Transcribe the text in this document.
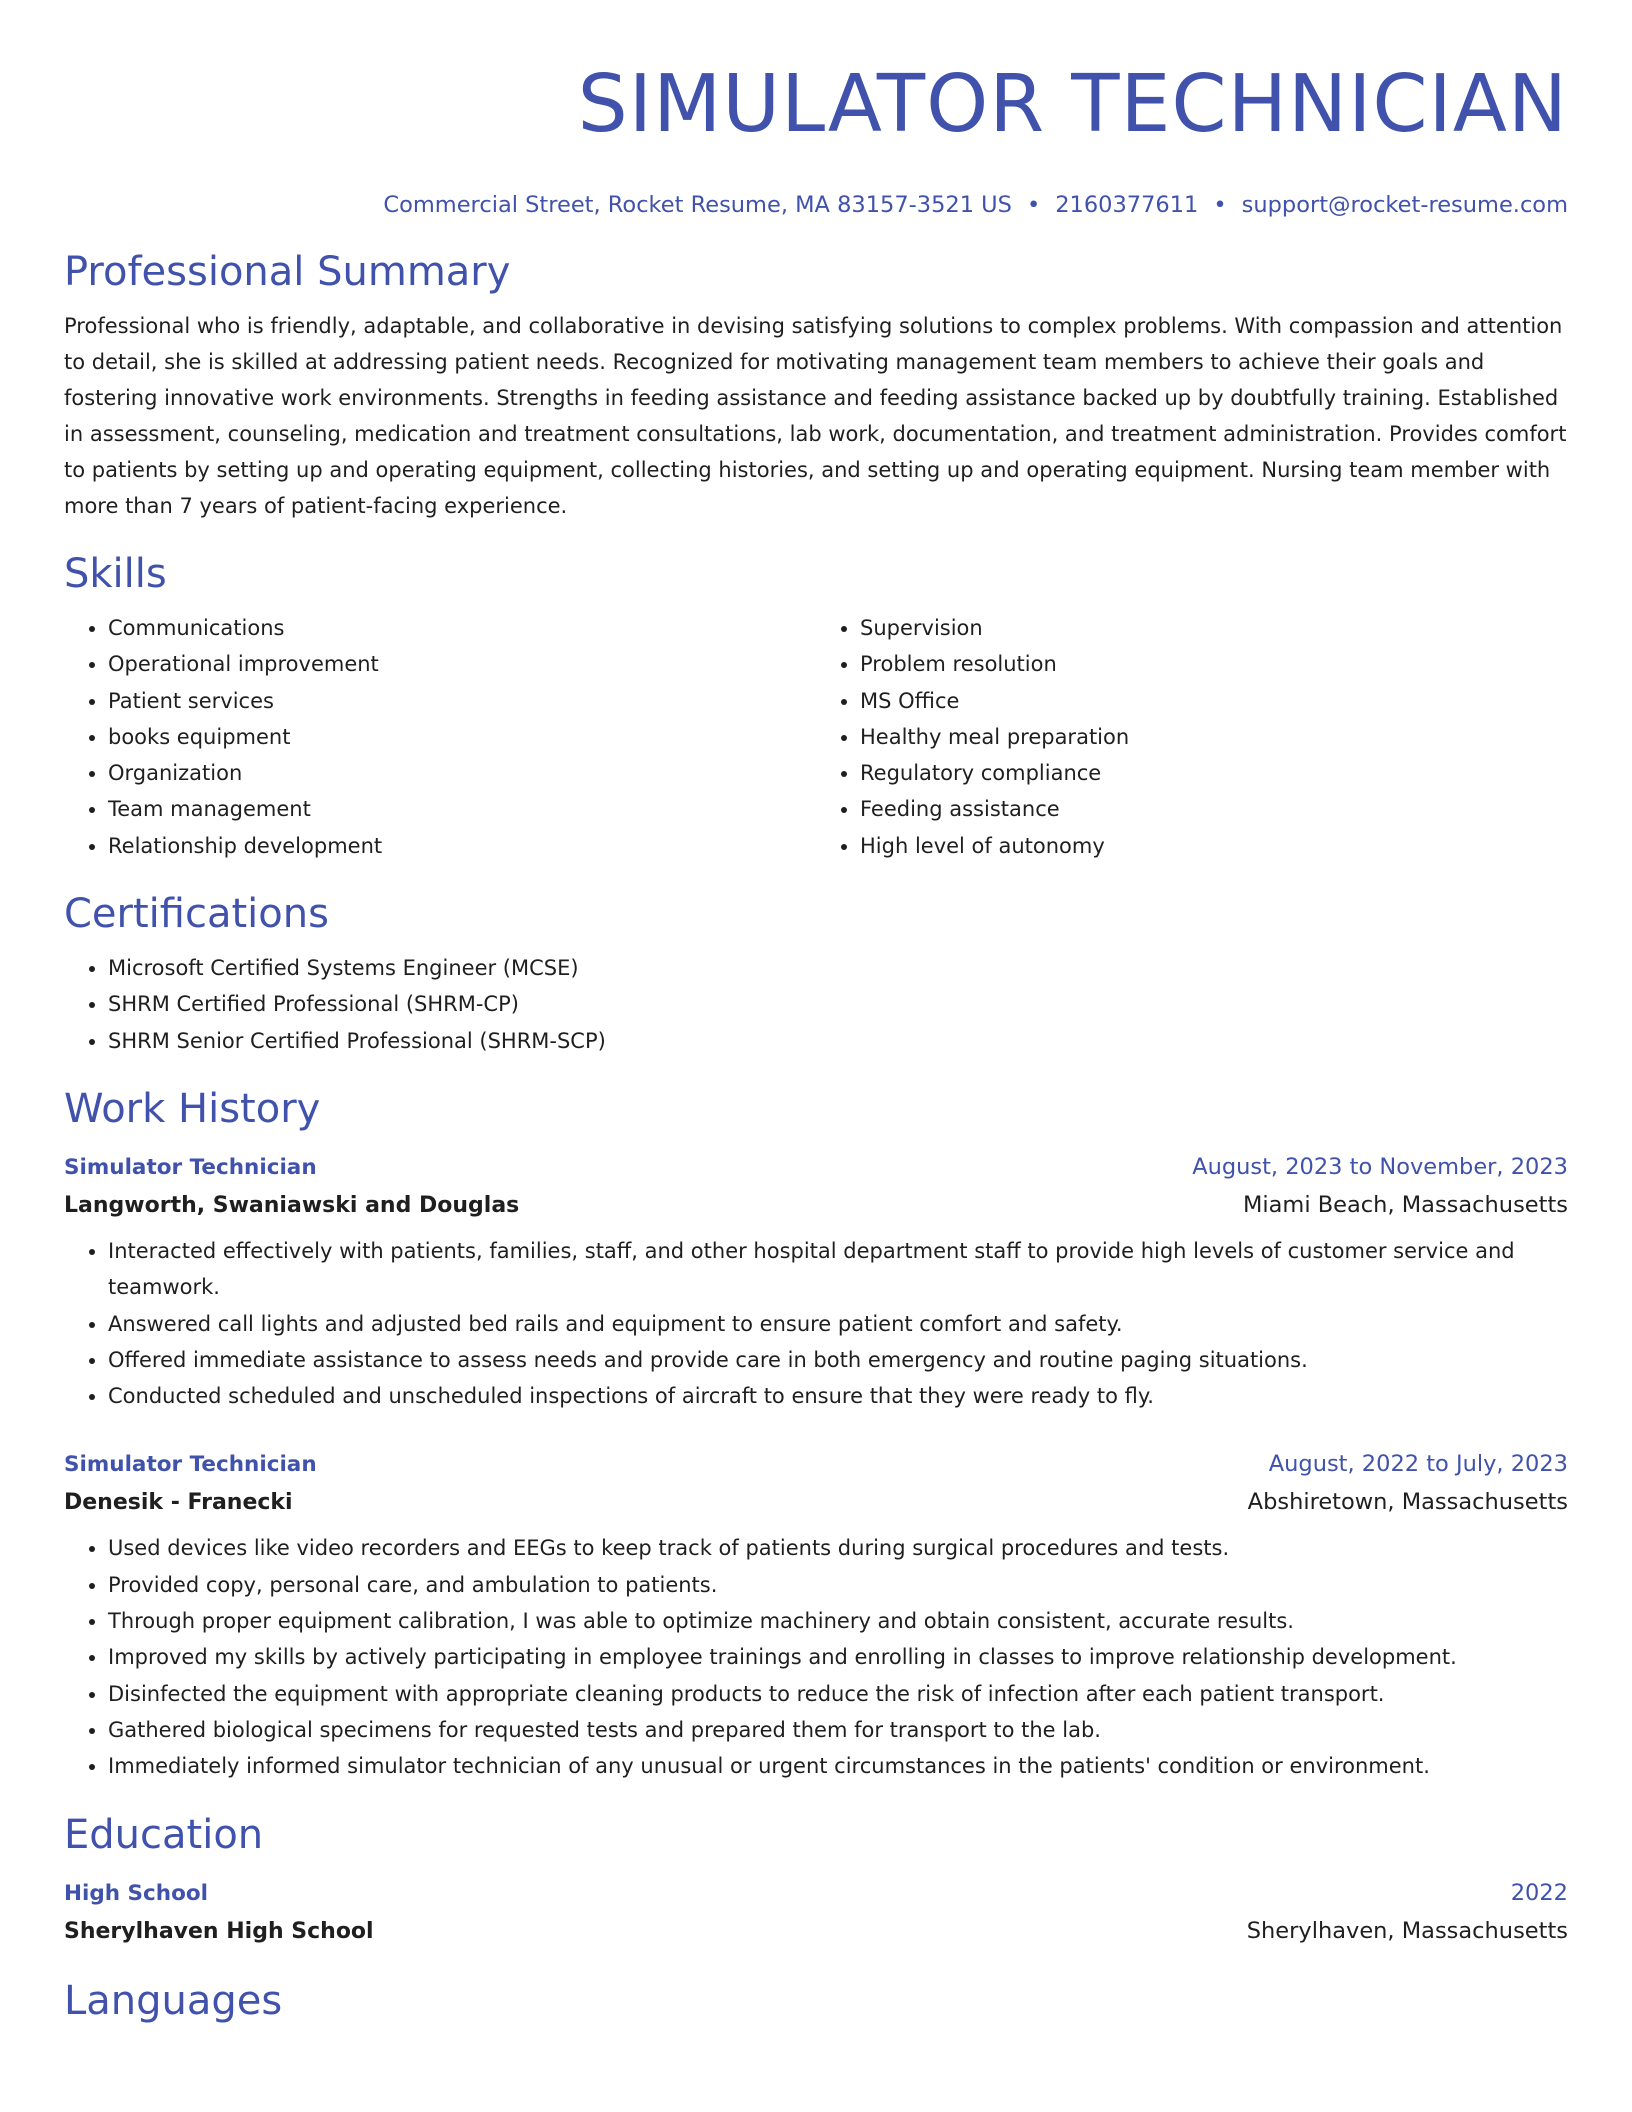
SIMULATOR TECHNICIAN
Commercial Street, Rocket Resume, MA 83157-3521 US • 2160377611 • support@rocket-resume.com
Professional Summary

Professional who is friendly, adaptable, and collaborative in devising satisfying solutions to complex problems. With compassion and attention to detail, she is skilled at addressing patient needs. Recognized for motivating management team members to achieve their goals and fostering innovative work environments. Strengths in feeding assistance and feeding assistance backed up by doubtfully training. Established in assessment, counseling, medication and treatment consultations, lab work, documentation, and treatment administration. Provides comfort to patients by setting up and operating equipment, collecting histories, and setting up and operating equipment. Nursing team member with more than 7 years of patient-facing experience.

Skills
• Communications
• Operational improvement
• Patient services
• books equipment
• Organization
• Team management
• Relationship development
• Supervision
• Problem resolution
• MS Office
• Healthy meal preparation
• Regulatory compliance
• Feeding assistance
• High level of autonomy
Certifications
• Microsoft Certified Systems Engineer (MCSE)
• SHRM Certified Professional (SHRM-CP)
• SHRM Senior Certified Professional (SHRM-SCP)
Work History
Simulator Technician	August, 2023 to November, 2023
Langworth, Swaniawski and Douglas	Miami Beach, Massachusetts
• Interacted effectively with patients, families, staff, and other hospital department staff to provide high levels of customer service and teamwork.
• Answered call lights and adjusted bed rails and equipment to ensure patient comfort and safety.
• Offered immediate assistance to assess needs and provide care in both emergency and routine paging situations.
• Conducted scheduled and unscheduled inspections of aircraft to ensure that they were ready to fly.
Simulator Technician	August, 2022 to July, 2023
Denesik - Franecki	Abshiretown, Massachusetts
• Used devices like video recorders and EEGs to keep track of patients during surgical procedures and tests.
• Provided copy, personal care, and ambulation to patients.
• Through proper equipment calibration, I was able to optimize machinery and obtain consistent, accurate results.
• Improved my skills by actively participating in employee trainings and enrolling in classes to improve relationship development.
• Disinfected the equipment with appropriate cleaning products to reduce the risk of infection after each patient transport.
• Gathered biological specimens for requested tests and prepared them for transport to the lab.
• Immediately informed simulator technician of any unusual or urgent circumstances in the patients' condition or environment.
Education
High School	2022
Sherylhaven High School	Sherylhaven, Massachusetts
Languages
